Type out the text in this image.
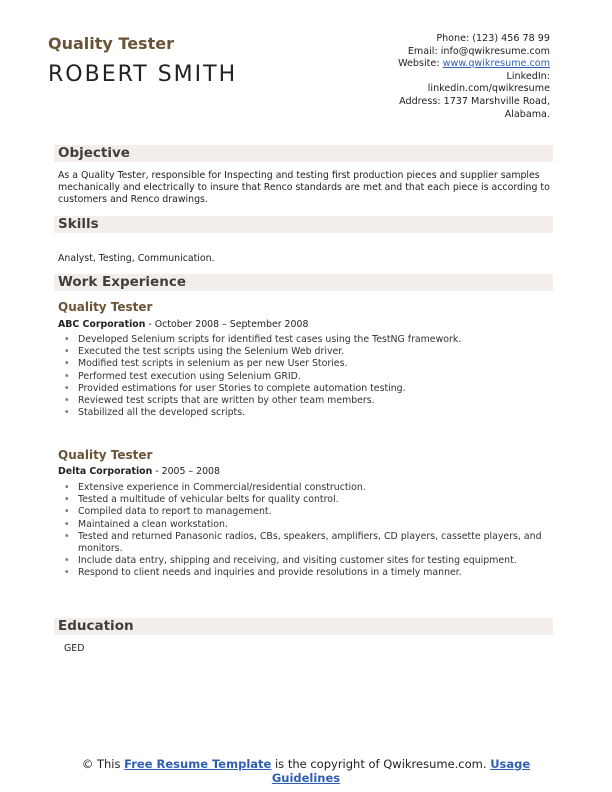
Quality Tester
ROBERT SMITH
Phone: (123) 456 78 99
Email: info@qwikresume.com
Website: www.qwikresume.com
LinkedIn:
linkedin.com/qwikresume
Address: 1737 Marshville Road,
Alabama.
Objective
As a Quality Tester, responsible for Inspecting and testing first production pieces and supplier samples mechanically and electrically to insure that Renco standards are met and that each piece is according to customers and Renco drawings.
Skills
Analyst, Testing, Communication.
Work Experience
Quality Tester
ABC Corporation - October 2008 – September 2008
• Developed Selenium scripts for identified test cases using the TestNG framework.
• Executed the test scripts using the Selenium Web driver.
• Modified test scripts in selenium as per new User Stories.
• Performed test execution using Selenium GRID.
• Provided estimations for user Stories to complete automation testing.
• Reviewed test scripts that are written by other team members.
• Stabilized all the developed scripts.
Quality Tester
Delta Corporation - 2005 – 2008
• Extensive experience in Commercial/residential construction.
• Tested a multitude of vehicular belts for quality control.
• Compiled data to report to management.
• Maintained a clean workstation.
• Tested and returned Panasonic radios, CBs, speakers, amplifiers, CD players, cassette players, and monitors.
• Include data entry, shipping and receiving, and visiting customer sites for testing equipment.
• Respond to client needs and inquiries and provide resolutions in a timely manner.
Education
GED
© This Free Resume Template is the copyright of Qwikresume.com. Usage Guidelines
